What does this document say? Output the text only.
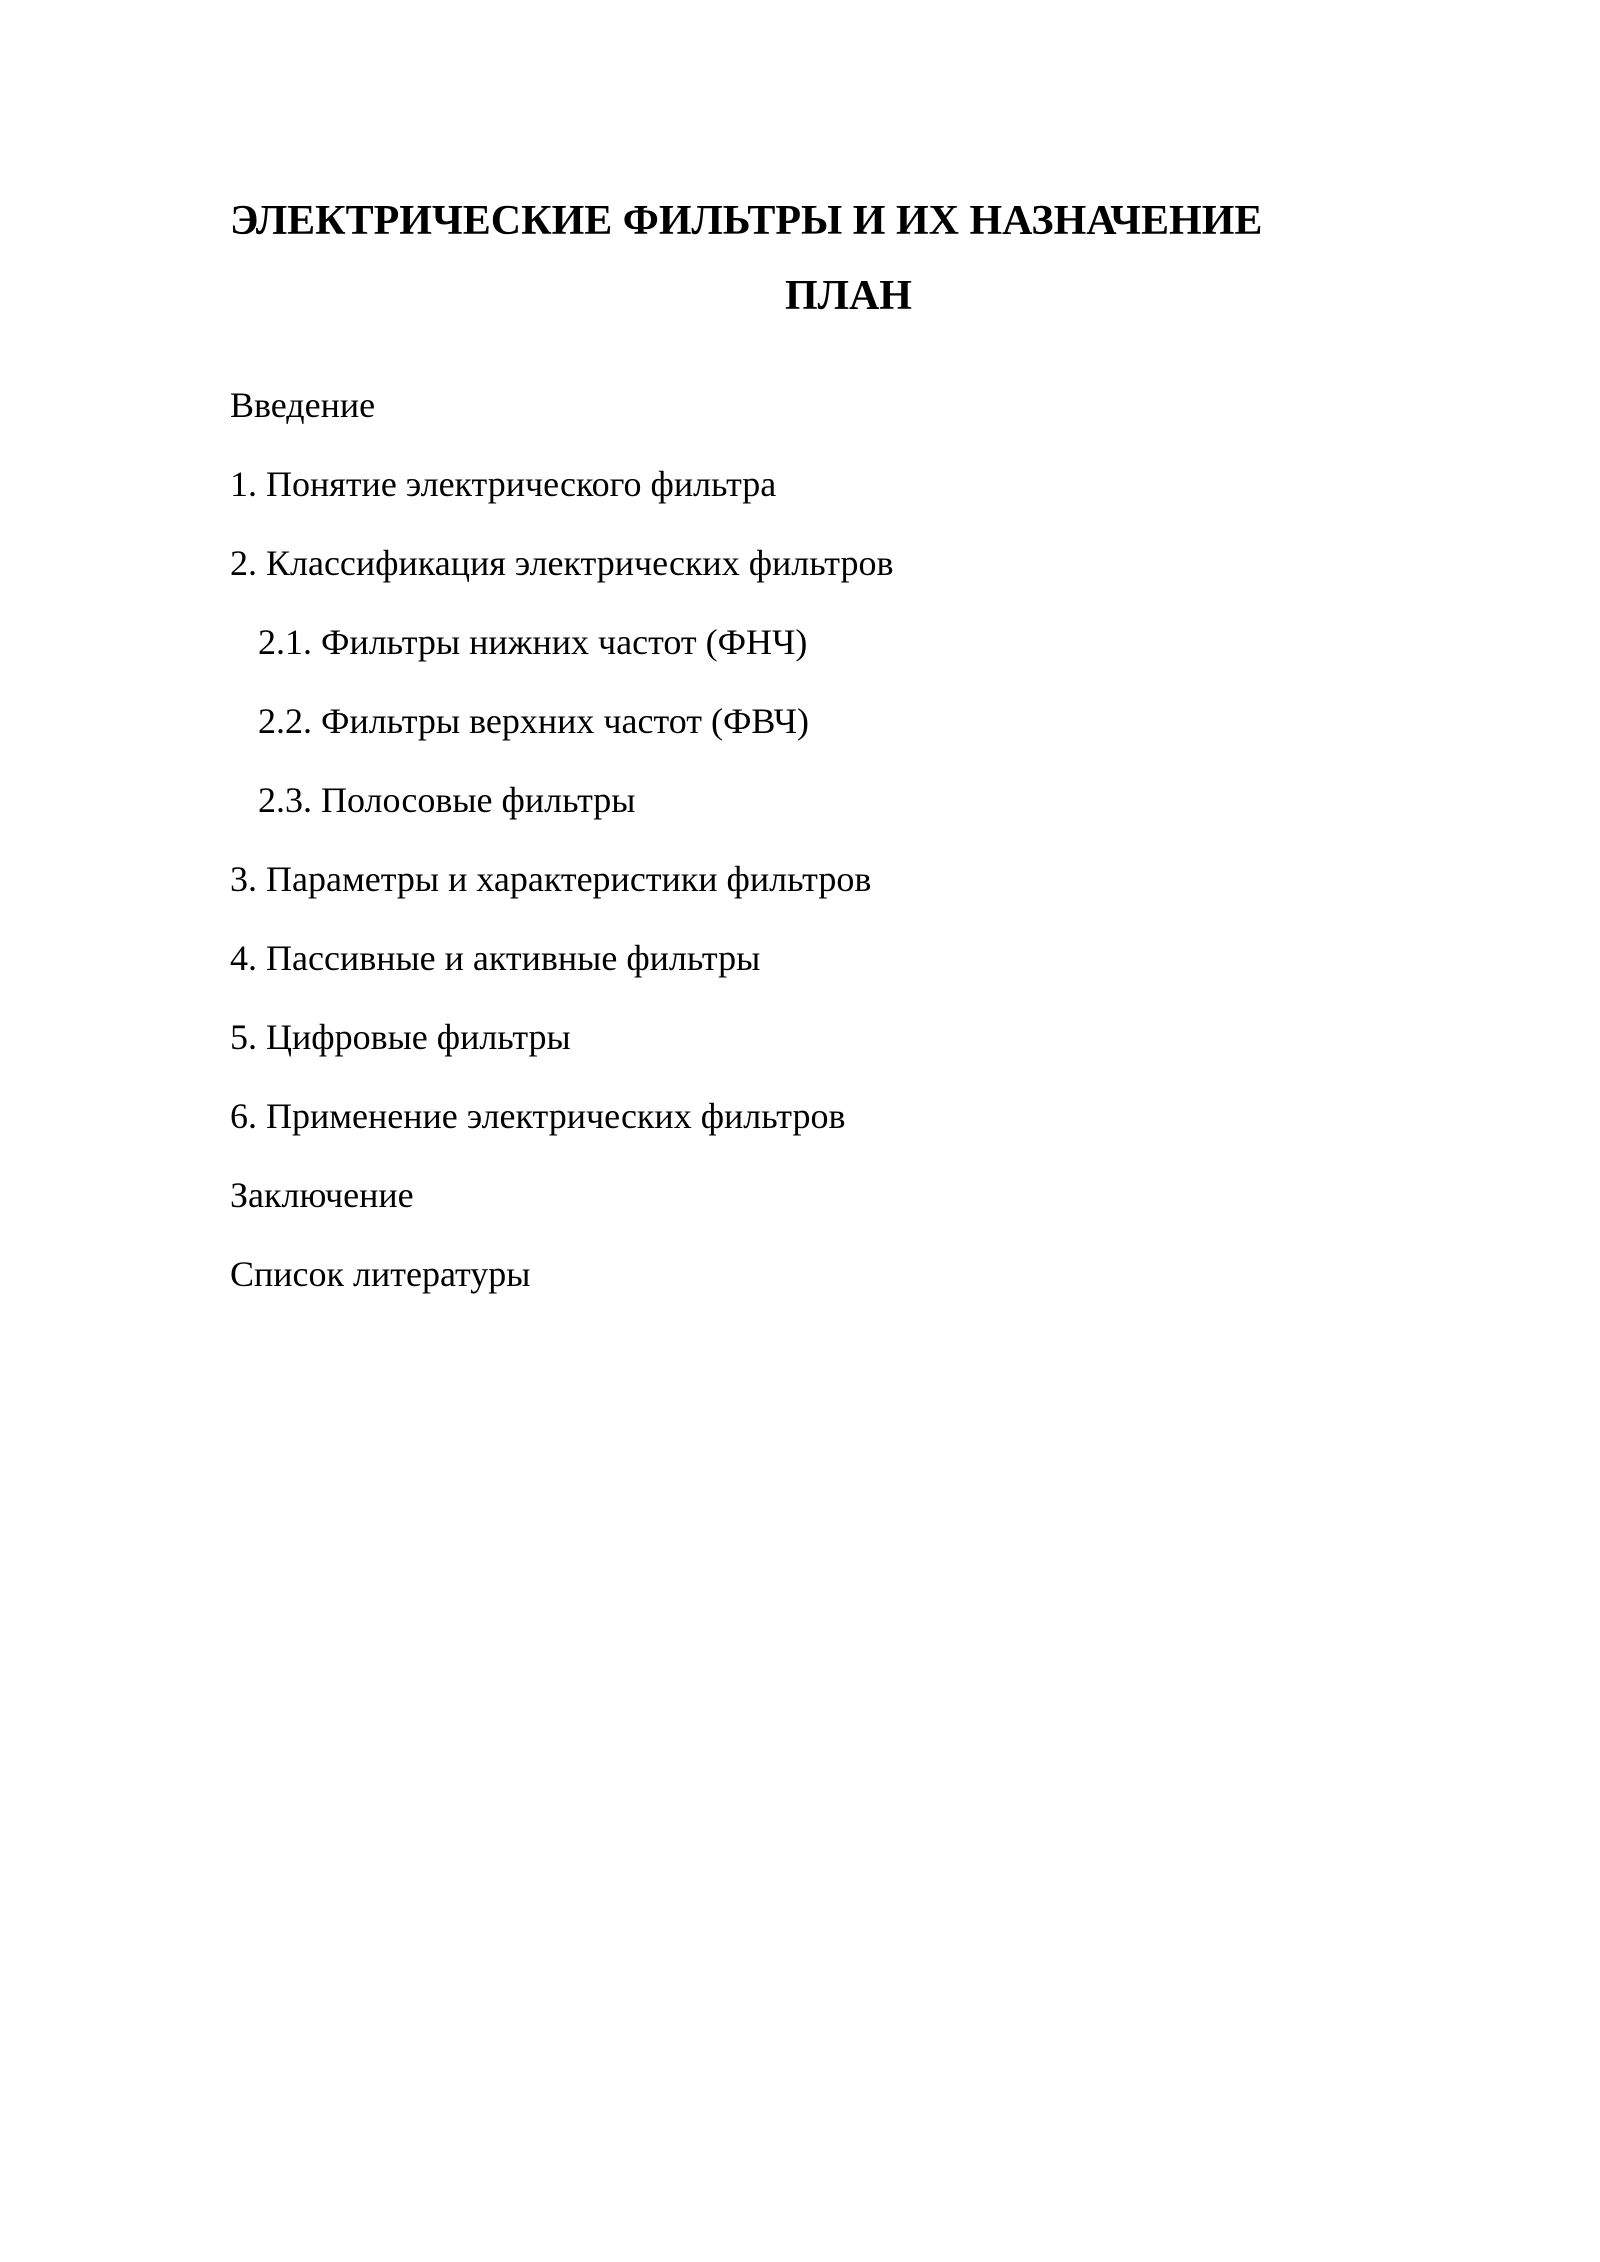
ЭЛЕКТРИЧЕСКИЕ ФИЛЬТРЫ И ИХ НАЗНАЧЕНИЕ
ПЛАН
Введение
1. Понятие электрического фильтра
2. Классификация электрических фильтров
2.1. Фильтры нижних частот (ФНЧ)
2.2. Фильтры верхних частот (ФВЧ)
2.3. Полосовые фильтры
3. Параметры и характеристики фильтров
4. Пассивные и активные фильтры
5. Цифровые фильтры
6. Применение электрических фильтров
Заключение
Список литературы
